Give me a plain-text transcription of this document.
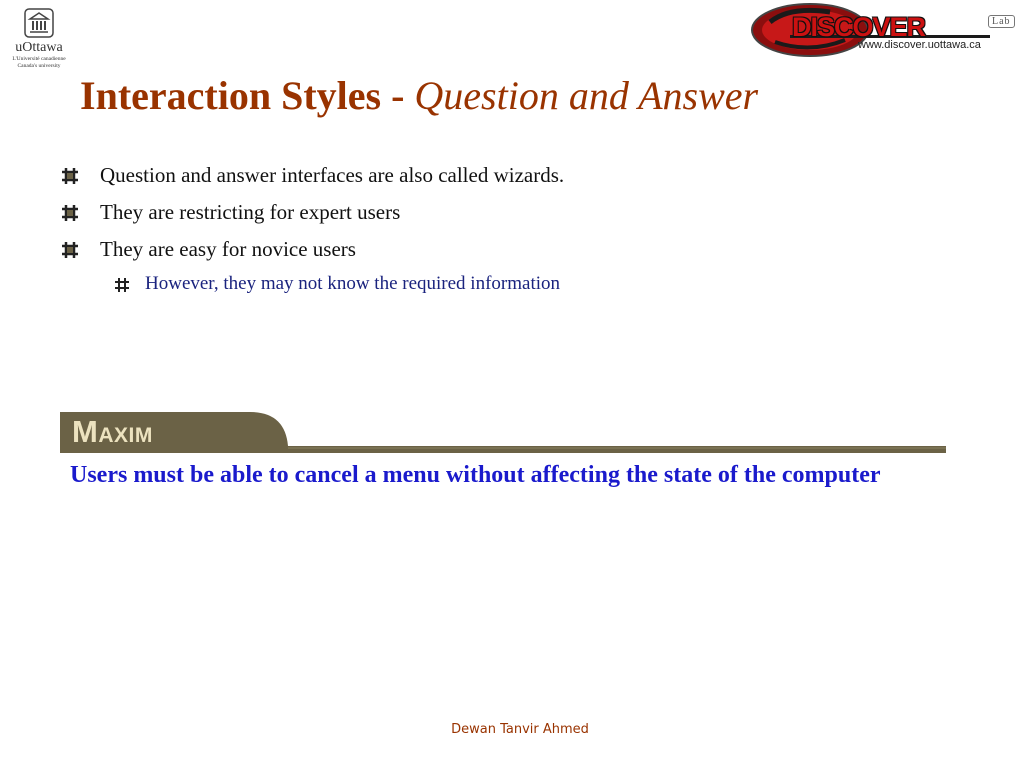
uOttawa
L'Université canadienne
Canada's university
DISCOVER	Lab
www.discover.uottawa.ca
Interaction Styles - Question and Answer
Question and answer interfaces are also called wizards.
They are restricting for expert users
They are easy for novice users
However, they may not know the required information
MAXIM
Users must be able to cancel a menu without affecting the state of the computer
Dewan Tanvir Ahmed
